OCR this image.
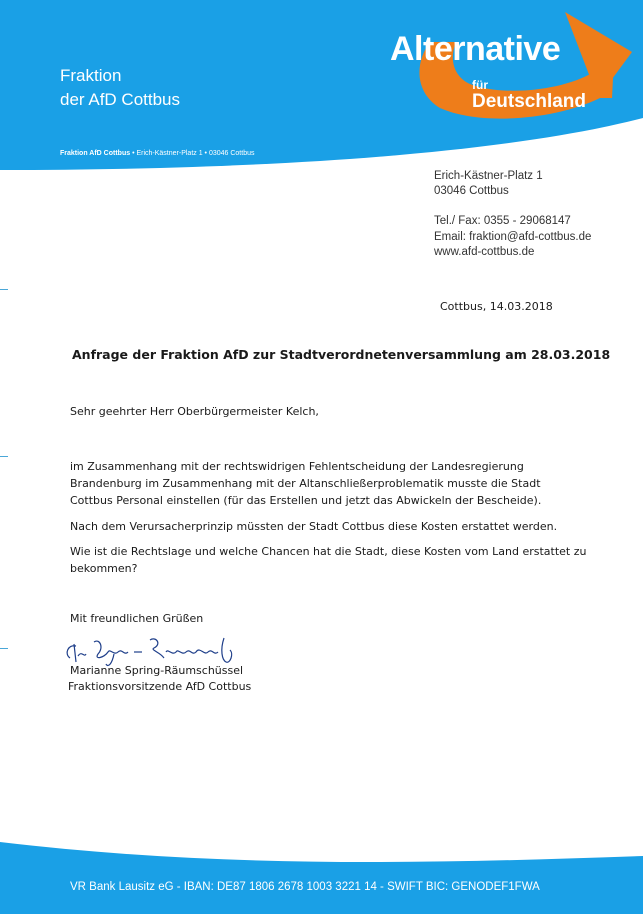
Fraktion
der AfD Cottbus
Fraktion AfD Cottbus • Erich-Kästner-Platz 1 • 03046 Cottbus
Alternative
für
Deutschland
Erich-Kästner-Platz 1
03046 Cottbus
Tel./ Fax: 0355 - 29068147
Email: fraktion@afd-cottbus.de
www.afd-cottbus.de
Cottbus, 14.03.2018
Anfrage der Fraktion AfD zur Stadtverordnetenversammlung am 28.03.2018
Sehr geehrter Herr Oberbürgermeister Kelch,
im Zusammenhang mit der rechtswidrigen Fehlentscheidung der Landesregierung
Brandenburg im Zusammenhang mit der Altanschließerproblematik musste die Stadt
Cottbus Personal einstellen (für das Erstellen und jetzt das Abwickeln der Bescheide).
Nach dem Verursacherprinzip müssten der Stadt Cottbus diese Kosten erstattet werden.
Wie ist die Rechtslage und welche Chancen hat die Stadt, diese Kosten vom Land erstattet zu
bekommen?
Mit freundlichen Grüßen
Marianne Spring-Räumschüssel
Fraktionsvorsitzende AfD Cottbus
VR Bank Lausitz eG - IBAN: DE87 1806 2678 1003 3221 14 - SWIFT BIC: GENODEF1FWA
